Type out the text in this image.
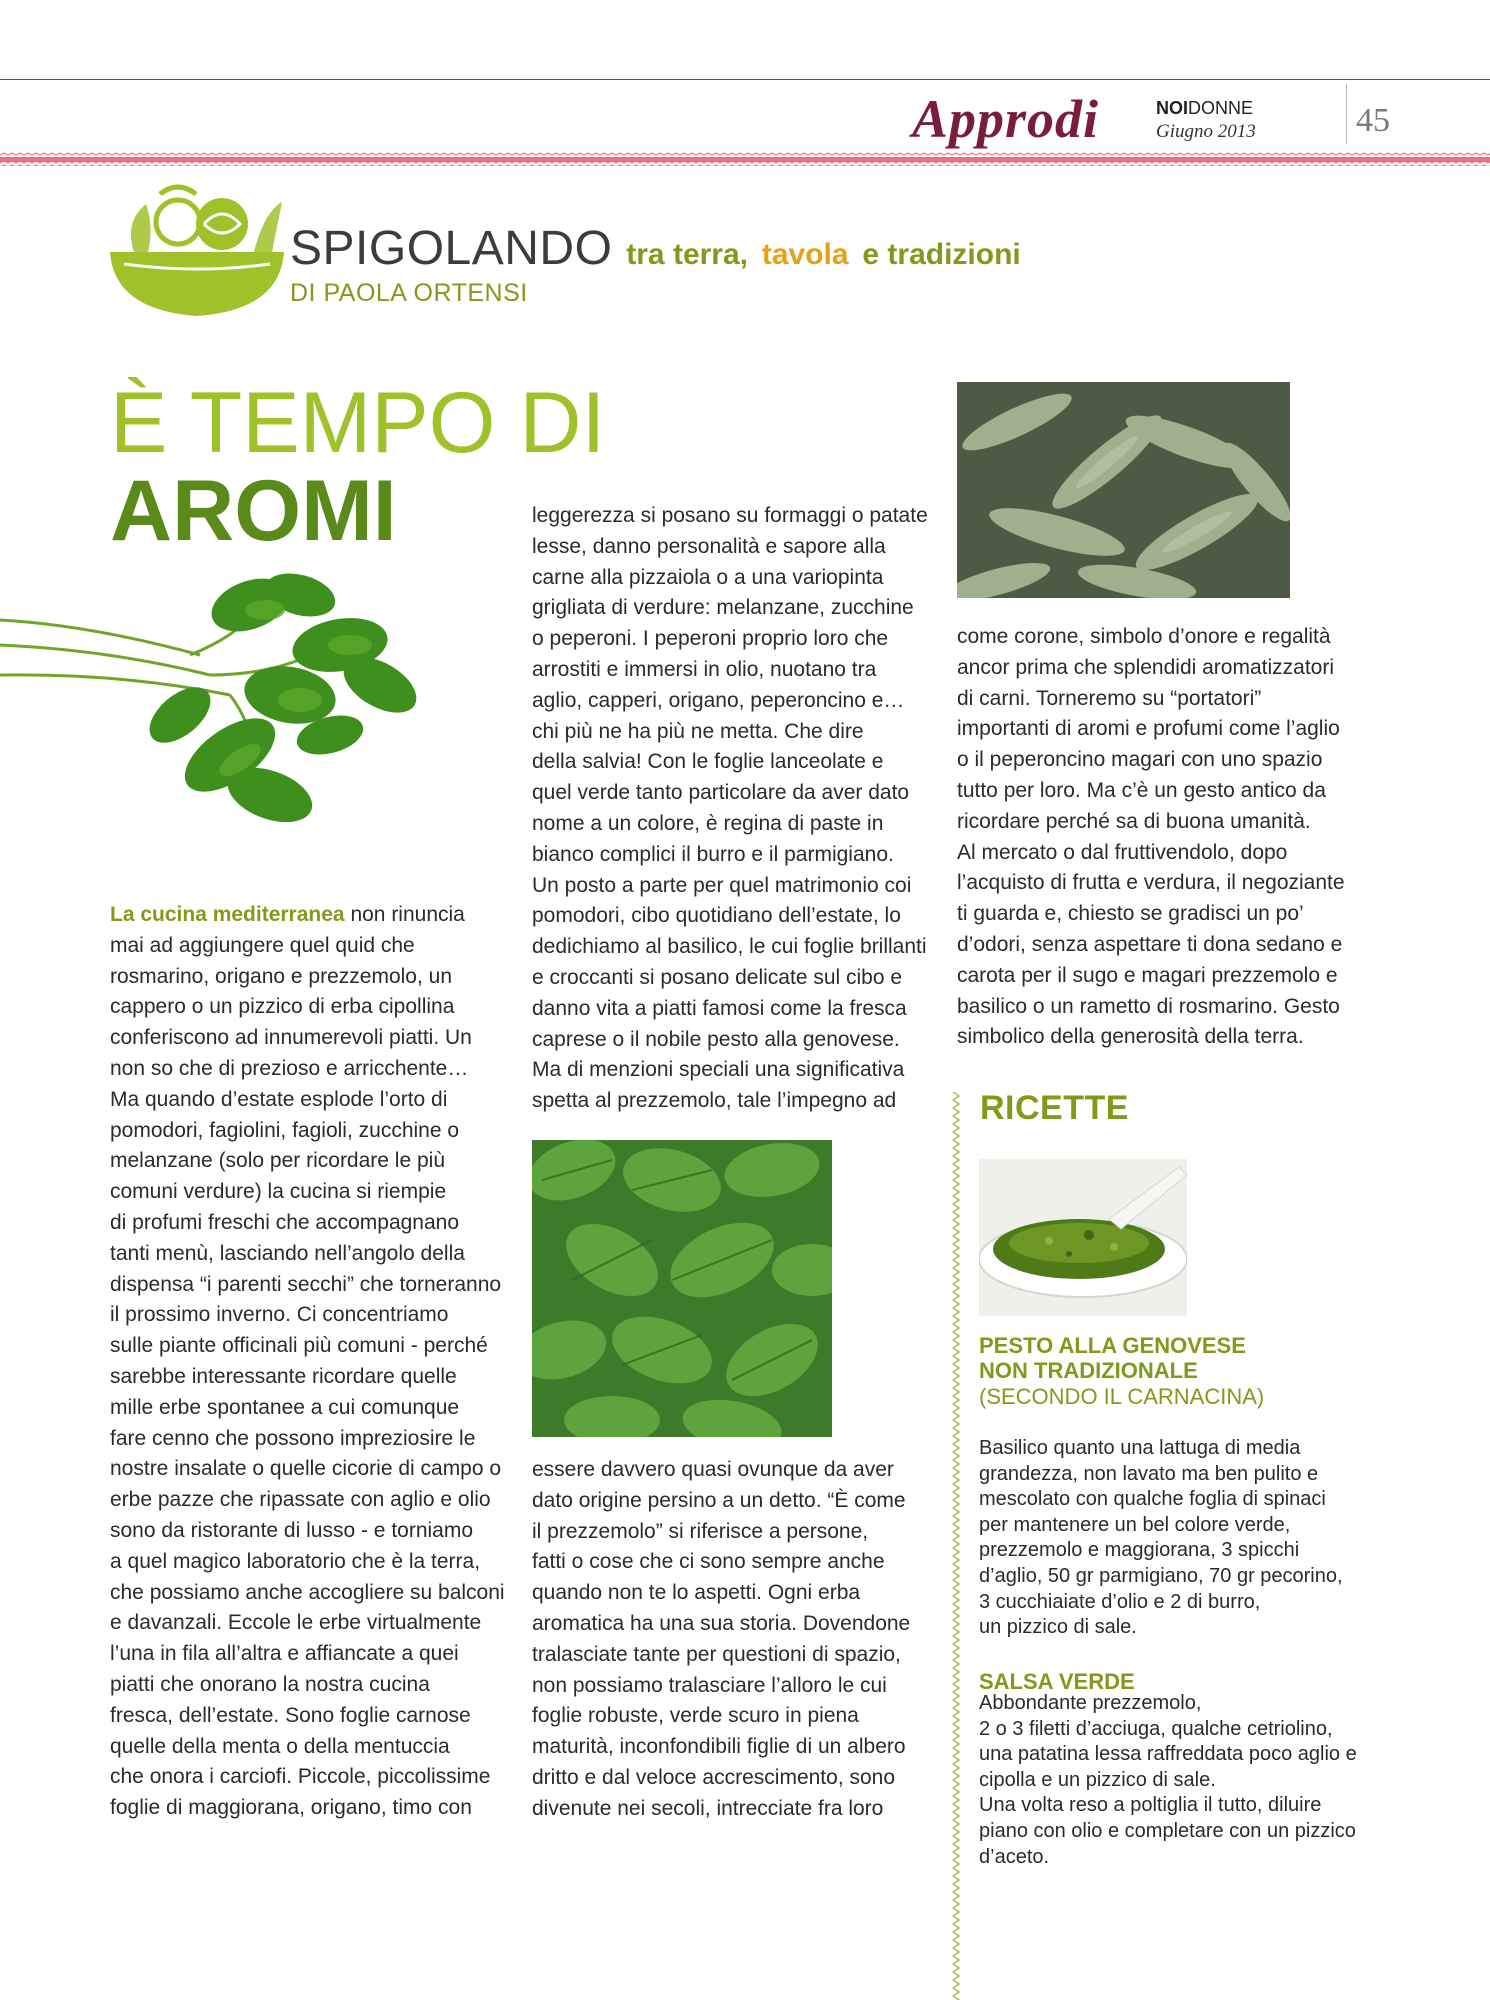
Approdi	NOIDONNE
Giugno 2013	45
SPIGOLANDO tra terra, tavola e tradizioni
DI PAOLA ORTENSI
È TEMPO DI
AROMI

La cucina mediterranea non rinuncia
mai ad aggiungere quel quid che
rosmarino, origano e prezzemolo, un
cappero o un pizzico di erba cipollina
conferiscono ad innumerevoli piatti. Un
non so che di prezioso e arricchente…
Ma quando d’estate esplode l’orto di
pomodori, fagiolini, fagioli, zucchine o
melanzane (solo per ricordare le più
comuni verdure) la cucina si riempie
di profumi freschi che accompagnano
tanti menù, lasciando nell’angolo della
dispensa “i parenti secchi” che torneranno
il prossimo inverno. Ci concentriamo
sulle piante officinali più comuni - perché
sarebbe interessante ricordare quelle
mille erbe spontanee a cui comunque
fare cenno che possono impreziosire le
nostre insalate o quelle cicorie di campo o
erbe pazze che ripassate con aglio e olio
sono da ristorante di lusso - e torniamo
a quel magico laboratorio che è la terra,
che possiamo anche accogliere su balconi
e davanzali. Eccole le erbe virtualmente
l’una in fila all’altra e affiancate a quei
piatti che onorano la nostra cucina
fresca, dell’estate. Sono foglie carnose
quelle della menta o della mentuccia
che onora i carciofi. Piccole, piccolissime
foglie di maggiorana, origano, timo con

leggerezza si posano su formaggi o patate
lesse, danno personalità e sapore alla
carne alla pizzaiola o a una variopinta
grigliata di verdure: melanzane, zucchine
o peperoni. I peperoni proprio loro che
arrostiti e immersi in olio, nuotano tra
aglio, capperi, origano, peperoncino e…
chi più ne ha più ne metta. Che dire
della salvia! Con le foglie lanceolate e
quel verde tanto particolare da aver dato
nome a un colore, è regina di paste in
bianco complici il burro e il parmigiano.
Un posto a parte per quel matrimonio coi
pomodori, cibo quotidiano dell’estate, lo
dedichiamo al basilico, le cui foglie brillanti
e croccanti si posano delicate sul cibo e
danno vita a piatti famosi come la fresca
caprese o il nobile pesto alla genovese.
Ma di menzioni speciali una significativa
spetta al prezzemolo, tale l’impegno ad

essere davvero quasi ovunque da aver
dato origine persino a un detto. “È come
il prezzemolo” si riferisce a persone,
fatti o cose che ci sono sempre anche
quando non te lo aspetti. Ogni erba
aromatica ha una sua storia. Dovendone
tralasciate tante per questioni di spazio,
non possiamo tralasciare l’alloro le cui
foglie robuste, verde scuro in piena
maturità, inconfondibili figlie di un albero
dritto e dal veloce accrescimento, sono
divenute nei secoli, intrecciate fra loro

come corone, simbolo d’onore e regalità
ancor prima che splendidi aromatizzatori
di carni. Torneremo su “portatori”
importanti di aromi e profumi come l’aglio
o il peperoncino magari con uno spazio
tutto per loro. Ma c’è un gesto antico da
ricordare perché sa di buona umanità.
Al mercato o dal fruttivendolo, dopo
l’acquisto di frutta e verdura, il negoziante
ti guarda e, chiesto se gradisci un po’
d’odori, senza aspettare ti dona sedano e
carota per il sugo e magari prezzemolo e
basilico o un rametto di rosmarino. Gesto
simbolico della generosità della terra.

RICETTE
PESTO ALLA GENOVESE
NON TRADIZIONALE
(SECONDO IL CARNACINA)

Basilico quanto una lattuga di media
grandezza, non lavato ma ben pulito e
mescolato con qualche foglia di spinaci
per mantenere un bel colore verde,
prezzemolo e maggiorana, 3 spicchi
d’aglio, 50 gr parmigiano, 70 gr pecorino,
3 cucchiaiate d’olio e 2 di burro,
un pizzico di sale.

SALSA VERDE

Abbondante prezzemolo,
2 o 3 filetti d’acciuga, qualche cetriolino,
una patatina lessa raffreddata poco aglio e
cipolla e un pizzico di sale.
Una volta reso a poltiglia il tutto, diluire
piano con olio e completare con un pizzico
d’aceto.
